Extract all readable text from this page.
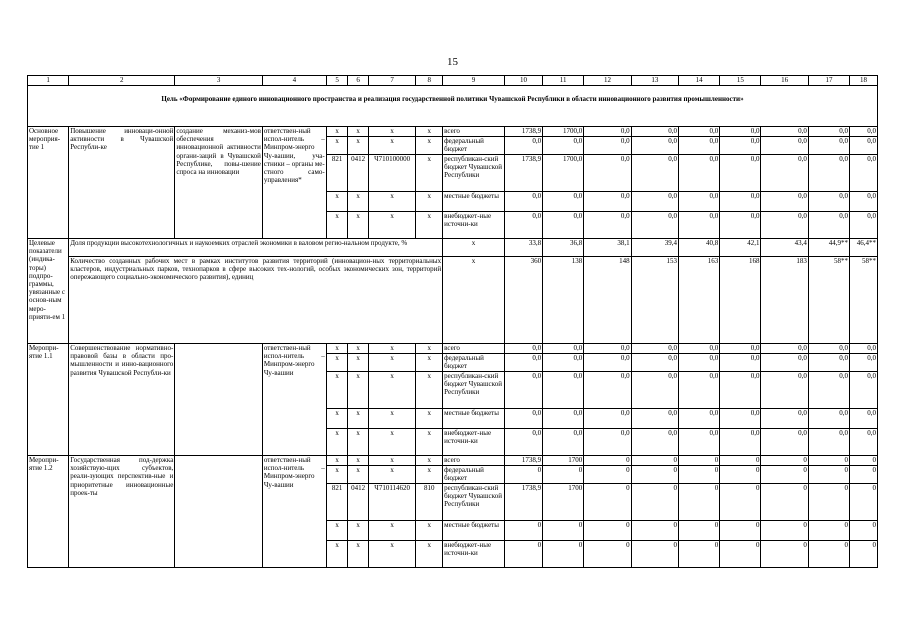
15
1	2	3	4	5	6	7	8	9	10	11	12	13	14	15	16	17	18
Цель «Формирование единого инновационного пространства и реализация государственной политики Чувашской Республики в области инновационного развития промышленности»																	

Основное мероприя-тие 1	Повышение инноваци-онной активности в Чувашской Республи-ке	создание механиз-мов обеспечения инновационной активности органи-заций в Чувашской Республике, повы-шение спроса на инновации	ответствен-ный испол-нитель – Минпром-энерго Чу-вашии, уча-стники – органы ме-стного само-управления*	x	x	x	x	всего	1738,9	1700,0	0,0	0,0	0,0	0,0	0,0	0,0	0,0
				x	x	x	x	федеральный бюджет	0,0	0,0	0,0	0,0	0,0	0,0	0,0	0,0	0,0
				821	0412	Ч710100000	x	республикан-ский бюджет Чувашской Республики	1738,9	1700,0	0,0	0,0	0,0	0,0	0,0	0,0	0,0
				x	x	x	x	местные бюджеты	0,0	0,0	0,0	0,0	0,0	0,0	0,0	0,0	0,0
				x	x	x	x	внебюджет-ные источни-ки	0,0	0,0	0,0	0,0	0,0	0,0	0,0	0,0	0,0
Целевые показатели (индика-торы) подпро-граммы, увязанные с основ-ным меро-прияти-ем 1	Доля продукции высокотехнологичных и наукоемких отраслей экономики в валовом регио-нальном продукте, %							x	33,8	36,8	38,1	39,4	40,8	42,1	43,4	44,9**	46,4**
	Количество созданных рабочих мест в рамках институтов развития территорий (инновацион-ных территориальных кластеров, индустриальных парков, технопарков в сфере высоких тех-нологий, особых экономических зон, территорий опережающего социально-экономического развития), единиц							x	360	138	148	153	163	168	183	58**	58**
Меропри-ятие 1.1	Совершенствование нормативно-правовой базы в области про-мышленности и инно-вационного развития Чувашской Республи-ки		ответствен-ный испол-нитель – Минпром-энерго Чу-вашии	x	x	x	x	всего	0,0	0,0	0,0	0,0	0,0	0,0	0,0	0,0	0,0
				x	x	x	x	федеральный бюджет	0,0	0,0	0,0	0,0	0,0	0,0	0,0	0,0	0,0
				x	x	x	x	республикан-ский бюджет Чувашской Республики	0,0	0,0	0,0	0,0	0,0	0,0	0,0	0,0	0,0
				x	x	x	x	местные бюджеты	0,0	0,0	0,0	0,0	0,0	0,0	0,0	0,0	0,0
				x	x	x	x	внебюджет-ные источни-ки	0,0	0,0	0,0	0,0	0,0	0,0	0,0	0,0	0,0
Меропри-ятие 1.2	Государственная под-держка хозяйствую-щих субъектов, реали-зующих перспектив-ные и приоритетные инновационные проек-ты		ответствен-ный испол-нитель – Минпром-энерго Чу-вашии	x	x	x	x	всего	1738,9	1700	0	0	0	0	0	0	0
				x	x	x	x	федеральный бюджет	0	0	0	0	0	0	0	0	0
				821	0412	Ч710114620	810	республикан-ский бюджет Чувашской Республики	1738,9	1700	0	0	0	0	0	0	0
				x	x	x	x	местные бюджеты	0	0	0	0	0	0	0	0	0
				x	x	x	x	внебюджет-ные источни-ки	0	0	0	0	0	0	0	0	0
